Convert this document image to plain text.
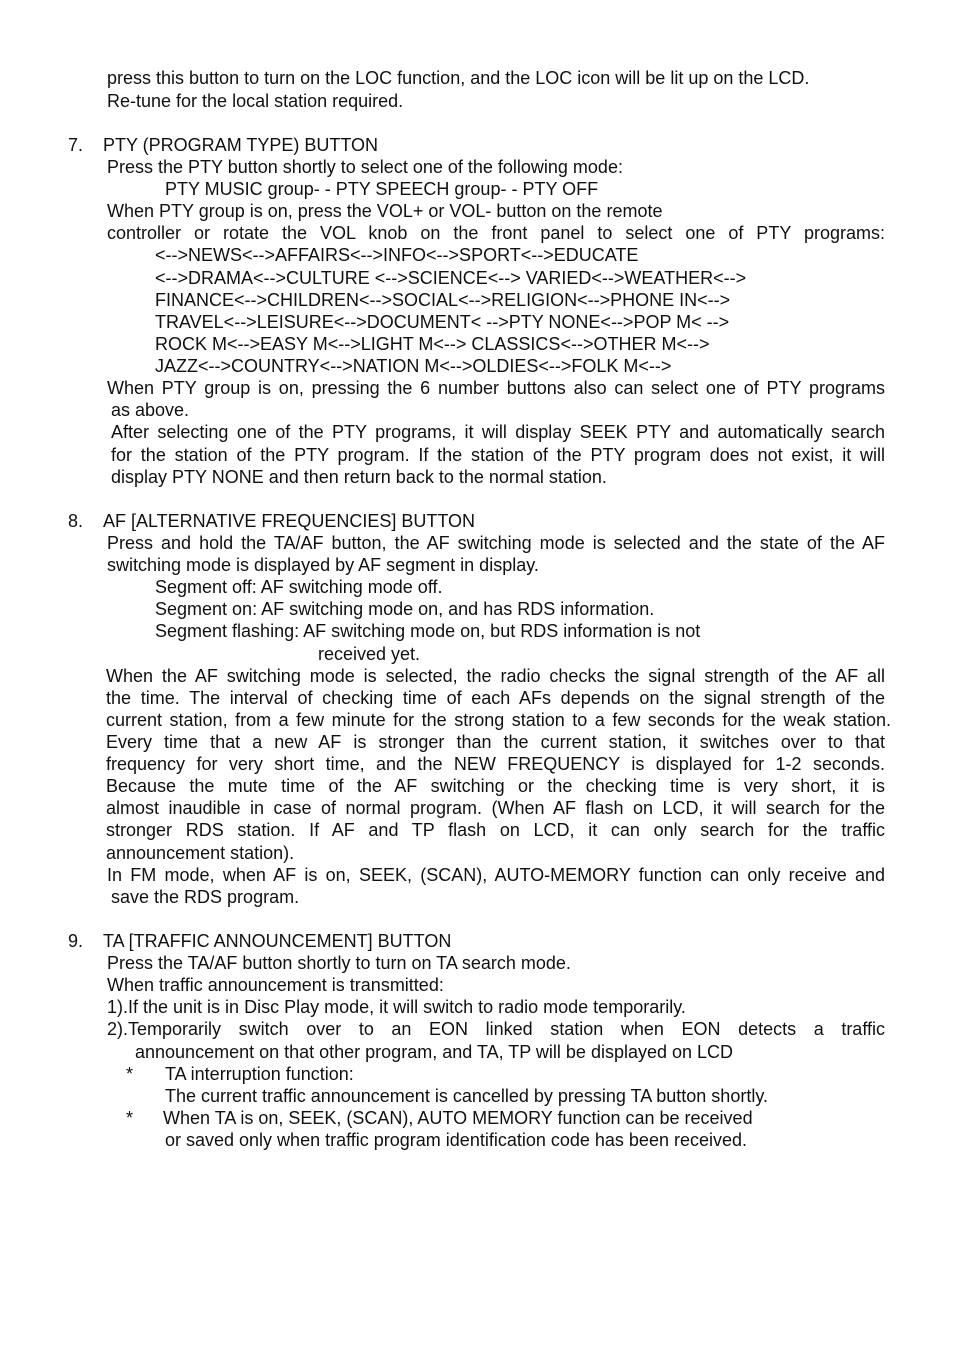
press this button to turn on the LOC function, and the LOC icon will be lit up on the LCD.
Re-tune for the local station required.
7. PTY (PROGRAM TYPE) BUTTON
Press the PTY button shortly to select one of the following mode:
PTY MUSIC group- - PTY SPEECH group- - PTY OFF
When PTY group is on, press the VOL+ or VOL- button on the remote
controller or rotate the VOL knob on the front panel to select one of PTY programs:
<-->NEWS<-->AFFAIRS<-->INFO<-->SPORT<-->EDUCATE
<-->DRAMA<-->CULTURE <-->SCIENCE<--> VARIED<-->WEATHER<-->
FINANCE<-->CHILDREN<-->SOCIAL<-->RELIGION<-->PHONE IN<-->
TRAVEL<-->LEISURE<-->DOCUMENT< -->PTY NONE<-->POP M< -->
ROCK M<-->EASY M<-->LIGHT M<--> CLASSICS<-->OTHER M<-->
JAZZ<-->COUNTRY<-->NATION M<-->OLDIES<-->FOLK M<-->
When PTY group is on, pressing the 6 number buttons also can select one of PTY programs
as above.
After selecting one of the PTY programs, it will display SEEK PTY and automatically search
for the station of the PTY program. If the station of the PTY program does not exist, it will
display PTY NONE and then return back to the normal station.
8. AF [ALTERNATIVE FREQUENCIES] BUTTON
Press and hold the TA/AF button, the AF switching mode is selected and the state of the AF
switching mode is displayed by AF segment in display.
Segment off: AF switching mode off.
Segment on: AF switching mode on, and has RDS information.
Segment flashing: AF switching mode on, but RDS information is not
received yet.
When the AF switching mode is selected, the radio checks the signal strength of the AF all
the time. The interval of checking time of each AFs depends on the signal strength of the
current station, from a few minute for the strong station to a few seconds for the weak station.
Every time that a new AF is stronger than the current station, it switches over to that
frequency for very short time, and the NEW FREQUENCY is displayed for 1-2 seconds.
Because the mute time of the AF switching or the checking time is very short, it is
almost inaudible in case of normal program. (When AF flash on LCD, it will search for the
stronger RDS station. If AF and TP flash on LCD, it can only search for the traffic
announcement station).
In FM mode, when AF is on, SEEK, (SCAN), AUTO-MEMORY function can only receive and
save the RDS program.
9. TA [TRAFFIC ANNOUNCEMENT] BUTTON
Press the TA/AF button shortly to turn on TA search mode.
When traffic announcement is transmitted:
1).If the unit is in Disc Play mode, it will switch to radio mode temporarily.
2).Temporarily switch over to an EON linked station when EON detects a traffic
announcement on that other program, and TA, TP will be displayed on LCD
* TA interruption function:
The current traffic announcement is cancelled by pressing TA button shortly.
* When TA is on, SEEK, (SCAN), AUTO MEMORY function can be received
or saved only when traffic program identification code has been received.
